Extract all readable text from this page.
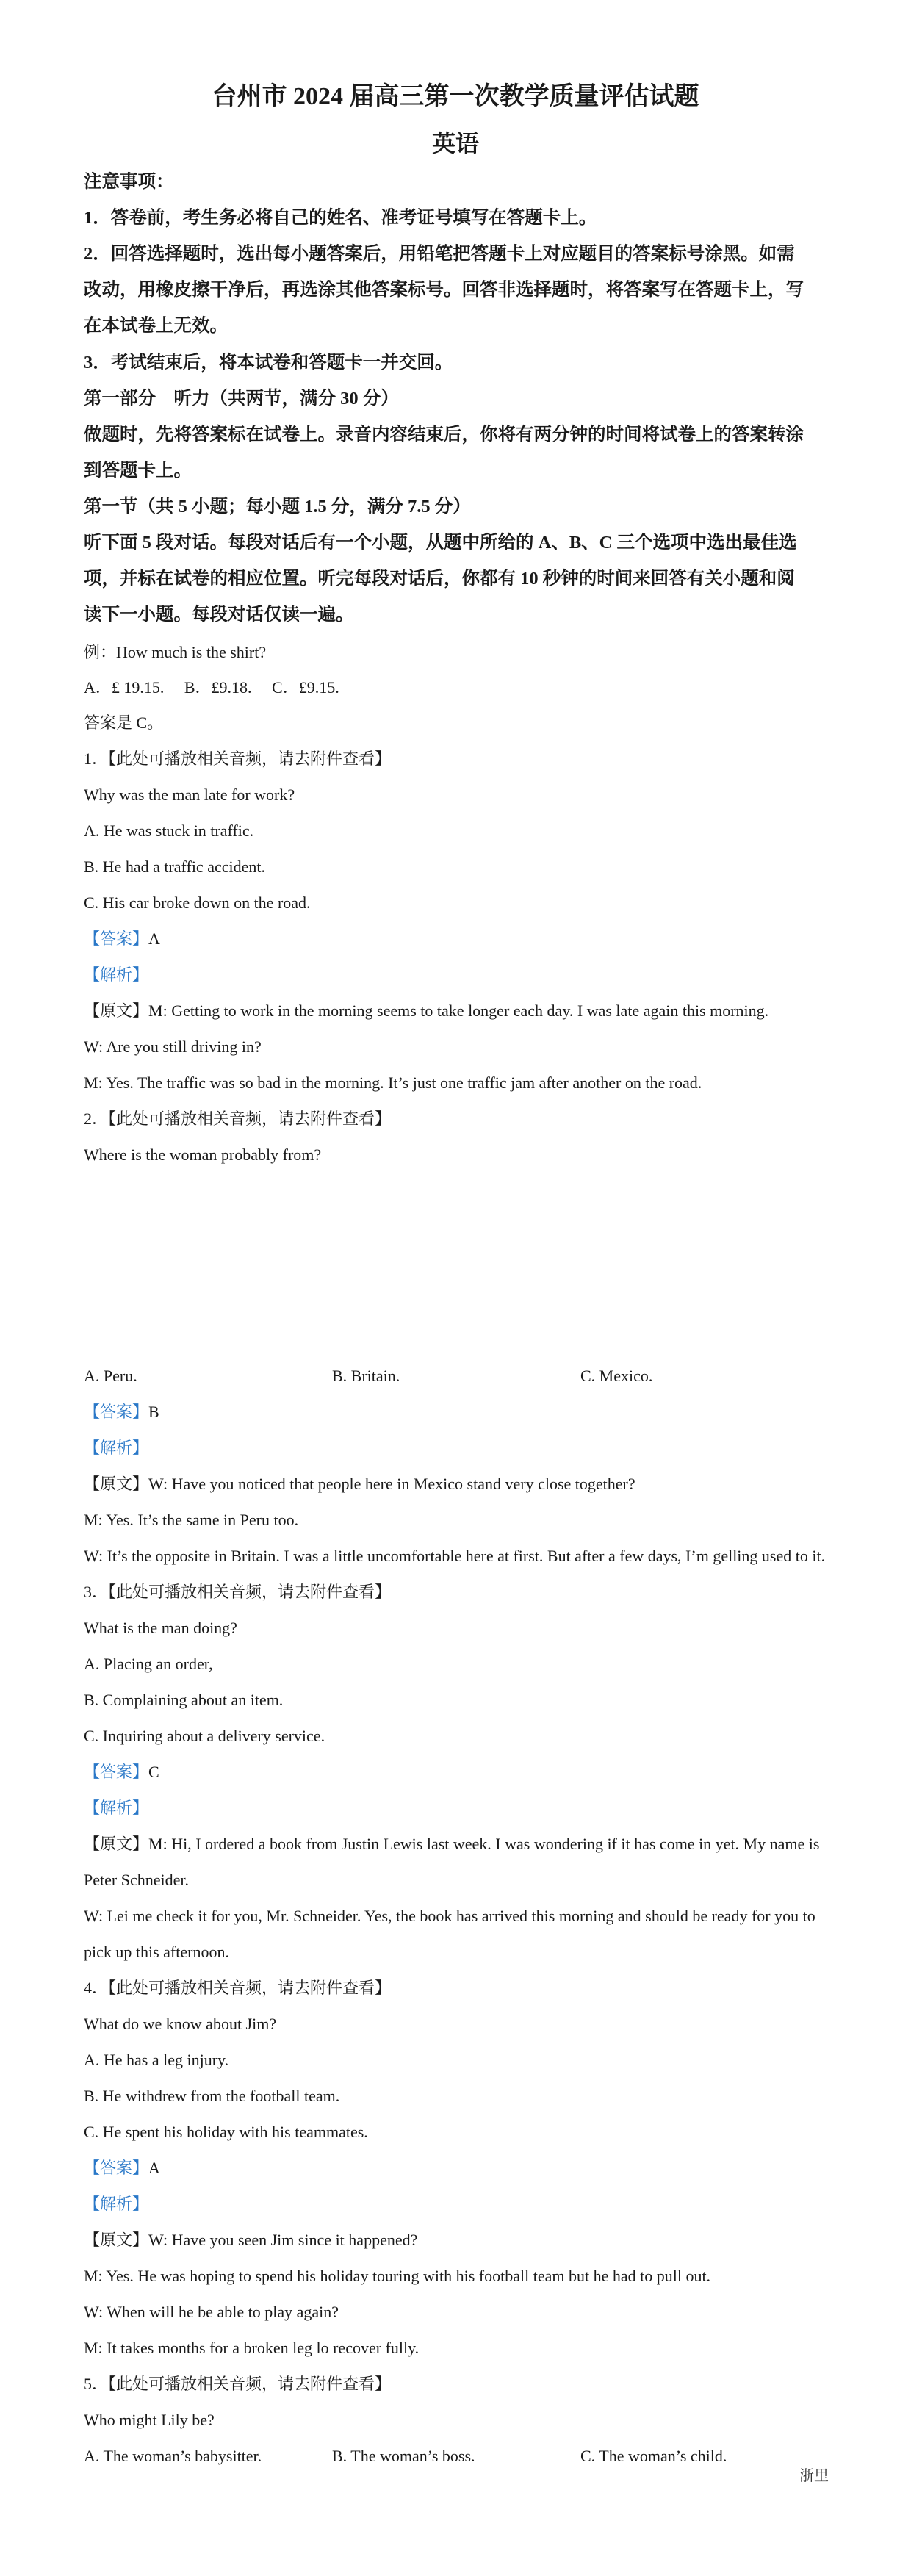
台州市 2024 届高三第一次教学质量评估试题
英语
注意事项：
1．答卷前，考生务必将自己的姓名、准考证号填写在答题卡上。
2．回答选择题时，选出每小题答案后，用铅笔把答题卡上对应题目的答案标号涂黑。如需
改动，用橡皮擦干净后，再选涂其他答案标号。回答非选择题时，将答案写在答题卡上，写
在本试卷上无效。
3．考试结束后，将本试卷和答题卡一并交回。
第一部分　听力（共两节，满分 30 分）
做题时，先将答案标在试卷上。录音内容结束后，你将有两分钟的时间将试卷上的答案转涂
到答题卡上。
第一节（共 5 小题；每小题 1.5 分，满分 7.5 分）
听下面 5 段对话。每段对话后有一个小题，从题中所给的 A、B、C 三个选项中选出最佳选
项，并标在试卷的相应位置。听完每段对话后，你都有 10 秒钟的时间来回答有关小题和阅
读下一小题。每段对话仅读一遍。
例：How much is the shirt?
A．£ 19.15.　 B．£9.18.　 C．£9.15.
答案是 C。
1．【此处可播放相关音频，请去附件查看】
Why was the man late for work?
A. He was stuck in traffic.
B. He had a traffic accident.
C. His car broke down on the road.
【答案】A
【解析】
【原文】M: Getting to work in the morning seems to take longer each day. I was late again this morning.
W: Are you still driving in?
M: Yes. The traffic was so bad in the morning. It’s just one traffic jam after another on the road.
2．【此处可播放相关音频，请去附件查看】
Where is the woman probably from?
A. Peru.	B. Britain.	C. Mexico.
【答案】B
【解析】
【原文】W: Have you noticed that people here in Mexico stand very close together?
M: Yes. It’s the same in Peru too.
W: It’s the opposite in Britain. I was a little uncomfortable here at first. But after a few days, I’m gelling used to it.
3．【此处可播放相关音频，请去附件查看】
What is the man doing?
A. Placing an order,
B. Complaining about an item.
C. Inquiring about a delivery service.
【答案】C
【解析】
【原文】M: Hi, I ordered a book from Justin Lewis last week. I was wondering if it has come in yet. My name is
Peter Schneider.
W: Lei me check it for you, Mr. Schneider. Yes, the book has arrived this morning and should be ready for you to
pick up this afternoon.
4．【此处可播放相关音频，请去附件查看】
What do we know about Jim?
A. He has a leg injury.
B. He withdrew from the football team.
C. He spent his holiday with his teammates.
【答案】A
【解析】
【原文】W: Have you seen Jim since it happened?
M: Yes. He was hoping to spend his holiday touring with his football team but he had to pull out.
W: When will he be able to play again?
M: It takes months for a broken leg lo recover fully.
5．【此处可播放相关音频，请去附件查看】
Who might Lily be?
A. The woman’s babysitter.	B. The woman’s boss.	C. The woman’s child.
浙里
